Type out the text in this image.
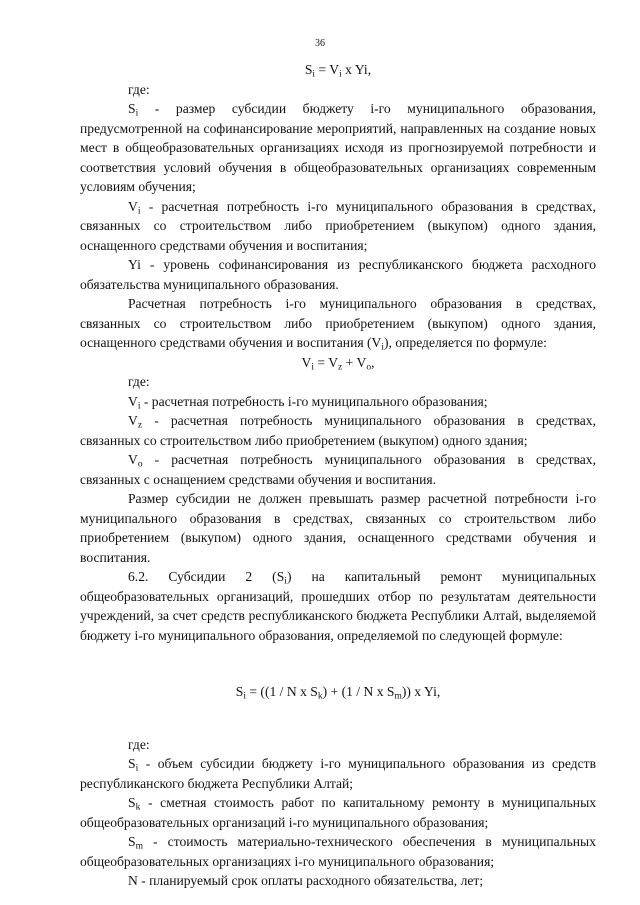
36

$S_i = V_i$ x Yi,

где:

$S_i$ - размер субсидии бюджету i-го муниципального образования, предусмотренной на софинансирование мероприятий, направленных на создание новых мест в общеобразовательных организациях исходя из прогнозируемой потребности и соответствия условий обучения в общеобразовательных организациях современным условиям обучения;

$V_i$ - расчетная потребность i-го муниципального образования в средствах, связанных со строительством либо приобретением (выкупом) одного здания, оснащенного средствами обучения и воспитания;

Yi - уровень софинансирования из республиканского бюджета расходного обязательства муниципального образования.

Расчетная потребность i-го муниципального образования в средствах, связанных со строительством либо приобретением (выкупом) одного здания, оснащенного средствами обучения и воспитания $(V_i)$, определяется по формуле:

$V_i = V_z + V_o$,

где:

$V_i$ - расчетная потребность i-го муниципального образования;

$V_z$ - расчетная потребность муниципального образования в средствах, связанных со строительством либо приобретением (выкупом) одного здания;

$V_o$ - расчетная потребность муниципального образования в средствах, связанных с оснащением средствами обучения и воспитания.

Размер субсидии не должен превышать размер расчетной потребности i-го муниципального образования в средствах, связанных со строительством либо приобретением (выкупом) одного здания, оснащенного средствами обучения и воспитания.

6.2. Субсидии 2 $(S_i)$ на капитальный ремонт муниципальных общеобразовательных организаций, прошедших отбор по результатам деятельности учреждений, за счет средств республиканского бюджета Республики Алтай, выделяемой бюджету i-го муниципального образования, определяемой по следующей формуле:

$S_i = ((1 / N$ x $S_k) + (1 / N$ x $S_m$)) x Yi,

где:

$S_i$ - объем субсидии бюджету i-го муниципального образования из средств республиканского бюджета Республики Алтай;

$S_k$ - сметная стоимость работ по капитальному ремонту в муниципальных общеобразовательных организаций i-го муниципального образования;

$S_m$ - стоимость материально-технического обеспечения в муниципальных общеобразовательных организациях i-го муниципального образования;

N - планируемый срок оплаты расходного обязательства, лет;
